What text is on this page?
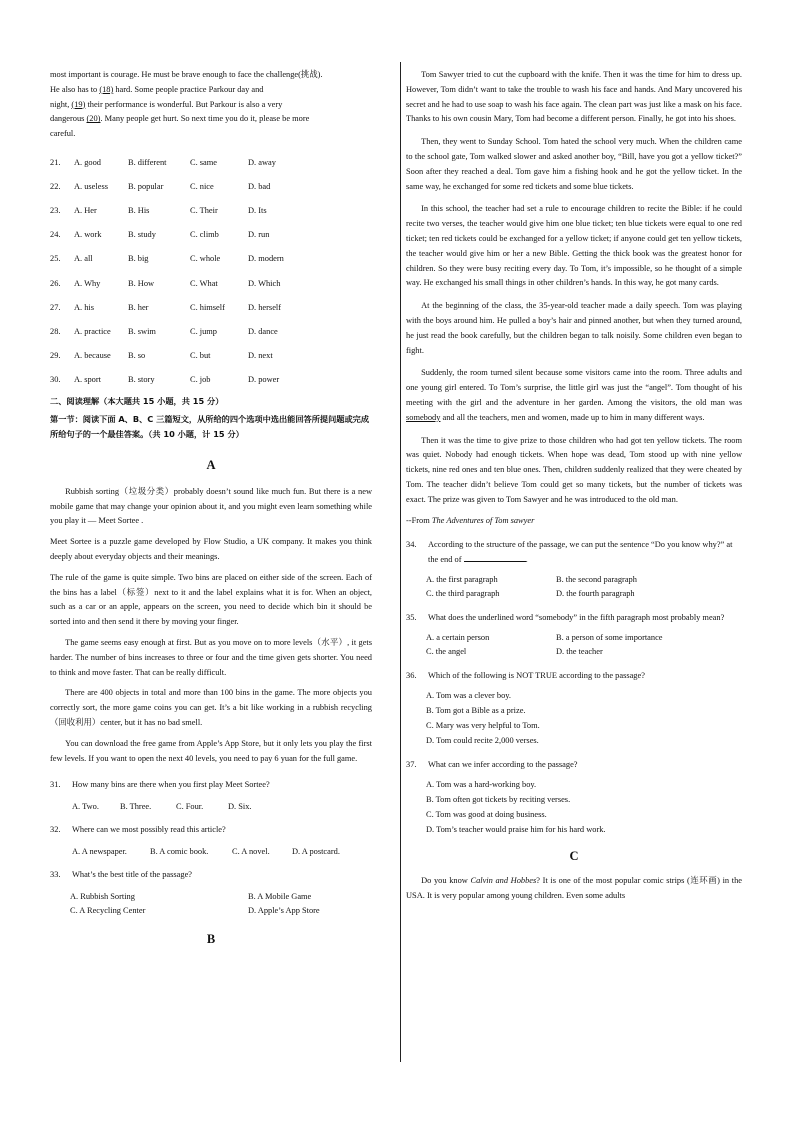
most important is courage. He must be brave enough to face the challenge(挑战).
He also has to (18) hard. Some people practice Parkour day and
night, (19) their performance is wonderful. But Parkour is also a very
dangerous (20). Many people get hurt. So next time you do it, please be more
careful.

21.	A. good	B. different	C. same	D. away
22.	A. useless	B. popular	C. nice	D. bad
23.	A. Her	B. His	C. Their	D. Its
24.	A. work	B. study	C. climb	D. run
25.	A. all	B. big	C. whole	D. modern
26.	A. Why	B. How	C. What	D. Which
27.	A. his	B. her	C. himself	D. herself
28.	A. practice	B. swim	C. jump	D. dance
29.	A. because	B. so	C. but	D. next
30.	A. sport	B. story	C. job	D. power

二、阅读理解（本大题共 15 小题，共 15 分）

第一节：阅读下面 A、B、C 三篇短文，从所给的四个选项中选出能回答所提问题或完成所给句子的一个最佳答案。（共 10 小题，计 15 分）

A

Rubbish sorting（垃圾分类）probably doesn’t sound like much fun. But there is a new mobile game that may change your opinion about it, and you might even learn something while you play it — Meet Sortee .

Meet Sortee is a puzzle game developed by Flow Studio, a UK company. It makes you think deeply about everyday objects and their meanings.

The rule of the game is quite simple. Two bins are placed on either side of the screen. Each of the bins has a label（标签）next to it and the label explains what it is for. When an object, such as a car or an apple, appears on the screen, you need to decide which bin it should be sorted into and then send it there by moving your finger.

The game seems easy enough at first. But as you move on to more levels（水平）, it gets harder. The number of bins increases to three or four and the time given gets shorter. You need to think and move faster. That can be really difficult.

There are 400 objects in total and more than 100 bins in the game. The more objects you correctly sort, the more game coins you can get. It’s a bit like working in a rubbish recycling（回收利用）center, but it has no bad smell.

You can download the free game from Apple’s App Store, but it only lets you play the first few levels. If you want to open the next 40 levels, you need to pay 6 yuan for the full game.

31.	How many bins are there when you first play Meet Sortee?
A. Two.	B. Three.	C. Four.	D. Six.
32.	Where can we most possibly read this article?
A. A newspaper.	B. A comic book.	C. A novel.	D. A postcard.
33.	What’s the best title of the passage?
A. Rubbish Sorting	B. A Mobile Game
C. A Recycling Center	D. Apple’s App Store

B

Tom Sawyer tried to cut the cupboard with the knife. Then it was the time for him to dress up. However, Tom didn’t want to take the trouble to wash his face and hands. And Mary uncovered his secret and he had to use soap to wash his face again. The clean part was just like a mask on his face. Thanks to his own cousin Mary, Tom had become a different person. Finally, he got into his shoes.

Then, they went to Sunday School. Tom hated the school very much. When the children came to the school gate, Tom walked slower and asked another boy, “Bill, have you got a yellow ticket?” Soon after they reached a deal. Tom gave him a fishing hook and he got the yellow ticket. In the same way, he exchanged for some red tickets and some blue tickets.

In this school, the teacher had set a rule to encourage children to recite the Bible: if he could recite two verses, the teacher would give him one blue ticket; ten blue tickets were equal to one red ticket; ten red tickets could be exchanged for a yellow ticket; if anyone could get ten yellow tickets, the teacher would give him or her a new Bible. Getting the thick book was the greatest honor for children. So they were busy reciting every day. To Tom, it’s impossible, so he thought of a simple way. He exchanged his small things in other children’s hands. In this way, he got many cards.

At the beginning of the class, the 35-year-old teacher made a daily speech. Tom was playing with the boys around him. He pulled a boy’s hair and pinned another, but when they turned around, he just read the book carefully, but the children began to talk noisily. Some children even began to fight.

Suddenly, the room turned silent because some visitors came into the room. Three adults and one young girl entered. To Tom’s surprise, the little girl was just the “angel”. Tom thought of his meeting with the girl and the adventure in her garden. Among the visitors, the old man was somebody and all the teachers, men and women, made up to him in many different ways.

Then it was the time to give prize to those children who had got ten yellow tickets. The room was quiet. Nobody had enough tickets. When hope was dead, Tom stood up with nine yellow tickets, nine red ones and ten blue ones. Then, children suddenly realized that they were cheated by Tom. The teacher didn’t believe Tom could get so many tickets, but the number of tickets was exact. The prize was given to Tom Sawyer and he was introduced to the old man.

--From The Adventures of Tom sawyer

34.	According to the structure of the passage, we can put the sentence “Do you know why?” at the end of	.
A. the first paragraph	B. the second paragraph
C. the third paragraph	D. the fourth paragraph
35.	What does the underlined word “somebody” in the fifth paragraph most probably mean?
A. a certain person	B. a person of some importance
C. the angel	D. the teacher
36.	Which of the following is NOT TRUE according to the passage?
A. Tom was a clever boy.
B. Tom got a Bible as a prize.
C. Mary was very helpful to Tom.
D. Tom could recite 2,000 verses.
37.	What can we infer according to the passage?
A. Tom was a hard-working boy.
B. Tom often got tickets by reciting verses.
C. Tom was good at doing business.
D. Tom’s teacher would praise him for his hard work.

C

Do you know Calvin and Hobbes? It is one of the most popular comic strips (连环画) in the USA. It is very popular among young children. Even some adults
